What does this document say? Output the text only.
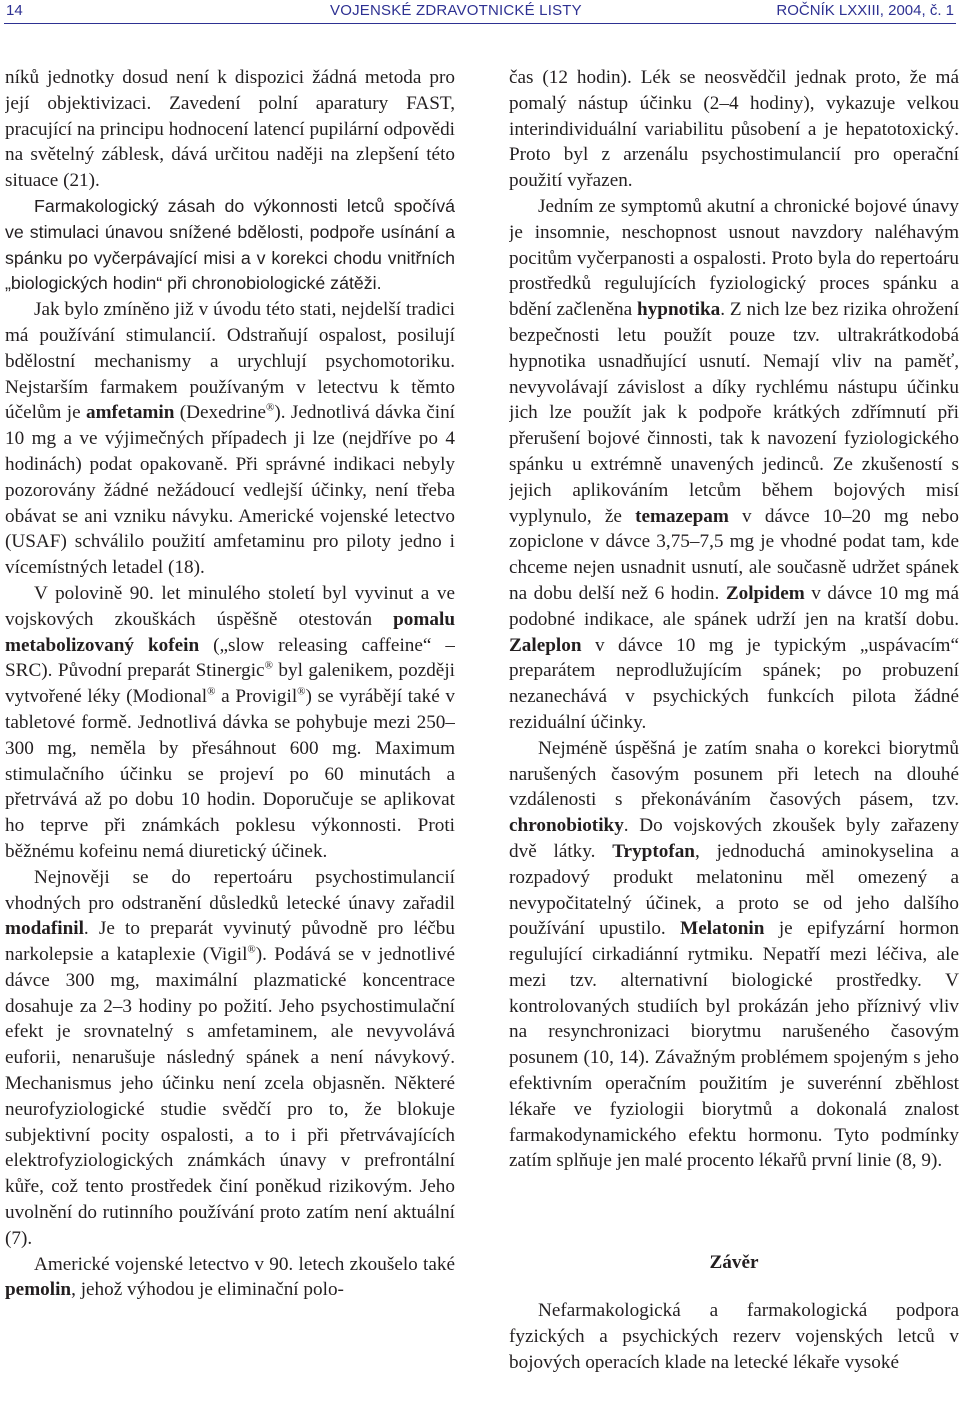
14	VOJENSKÉ ZDRAVOTNICKÉ LISTY	ROČNÍK LXXIII, 2004, č. 1

níků jednotky dosud není k dispozici žádná metoda pro její objektivizaci. Zavedení polní aparatury FAST, pracující na principu hodnocení latencí pupilární odpovědi na světelný záblesk, dává určitou naději na zlepšení této situace (21).

Farmakologický zásah do výkonnosti letců spočívá ve stimulaci únavou snížené bdělosti, podpoře usínání a spánku po vyčerpávající misi a v korekci chodu vnitřních „biologických hodin“ při chronobiologické zátěži.

Jak bylo zmíněno již v úvodu této stati, nejdelší tradici má používání stimulancií. Odstraňují ospalost, posilují bdělostní mechanismy a urychlují psychomotoriku. Nejstarším farmakem používaným v letectvu k těmto účelům je amfetamin (Dexedrine®). Jednotlivá dávka činí 10 mg a ve výjimečných případech ji lze (nejdříve po 4 hodinách) podat opakovaně. Při správné indikaci nebyly pozorovány žádné nežádoucí vedlejší účinky, není třeba obávat se ani vzniku návyku. Americké vojenské letectvo (USAF) schválilo použití amfetaminu pro piloty jedno i vícemístných letadel (18).

V polovině 90. let minulého století byl vyvinut a ve vojskových zkouškách úspěšně otestován pomalu metabolizovaný kofein („slow releasing caffeine“ – SRC). Původní preparát Stinergic® byl galenikem, později vytvořené léky (Modional® a Provigil®) se vyrábějí také v tabletové formě. Jednotlivá dávka se pohybuje mezi 250–300 mg, neměla by přesáhnout 600 mg. Maximum stimulačního účinku se projeví po 60 minutách a přetrvává až po dobu 10 hodin. Doporučuje se aplikovat ho teprve při známkách poklesu výkonnosti. Proti běžnému kofeinu nemá diuretický účinek.

Nejnověji se do repertoáru psychostimulancií vhodných pro odstranění důsledků letecké únavy zařadil modafinil. Je to preparát vyvinutý původně pro léčbu narkolepsie a kataplexie (Vigil®). Podává se v jednotlivé dávce 300 mg, maximální plazmatické koncentrace dosahuje za 2–3 hodiny po požití. Jeho psychostimulační efekt je srovnatelný s amfetaminem, ale nevyvolává euforii, nenarušuje následný spánek a není návykový. Mechanismus jeho účinku není zcela objasněn. Některé neurofyziologické studie svědčí pro to, že blokuje subjektivní pocity ospalosti, a to i při přetrvávajících elektrofyziologických známkách únavy v prefrontální kůře, což tento prostředek činí poněkud rizikovým. Jeho uvolnění do rutinního používání proto zatím není aktuální (7).

Americké vojenské letectvo v 90. letech zkoušelo také pemolin, jehož výhodou je eliminační polo-

čas (12 hodin). Lék se neosvědčil jednak proto, že má pomalý nástup účinku (2–4 hodiny), vykazuje velkou interindividuální variabilitu působení a je hepatotoxický. Proto byl z arzenálu psychostimulancií pro operační použití vyřazen.

Jedním ze symptomů akutní a chronické bojové únavy je insomnie, neschopnost usnout navzdory naléhavým pocitům vyčerpanosti a ospalosti. Proto byla do repertoáru prostředků regulujících fyziologický proces spánku a bdění začleněna hypnotika. Z nich lze bez rizika ohrožení bezpečnosti letu použít pouze tzv. ultrakrátkodobá hypnotika usnadňující usnutí. Nemají vliv na paměť, nevyvolávají závislost a díky rychlému nástupu účinku jich lze použít jak k podpoře krátkých zdřímnutí při přerušení bojové činnosti, tak k navození fyziologického spánku u extrémně unavených jedinců. Ze zkušeností s jejich aplikováním letcům během bojových misí vyplynulo, že temazepam v dávce 10–20 mg nebo zopiclone v dávce 3,75–7,5 mg je vhodné podat tam, kde chceme nejen usnadnit usnutí, ale současně udržet spánek na dobu delší než 6 hodin. Zolpidem v dávce 10 mg má podobné indikace, ale spánek udrží jen na kratší dobu. Zaleplon v dávce 10 mg je typickým „uspávacím“ preparátem neprodlužujícím spánek; po probuzení nezanechává v psychických funkcích pilota žádné reziduální účinky.

Nejméně úspěšná je zatím snaha o korekci biorytmů narušených časovým posunem při letech na dlouhé vzdálenosti s překonáváním časových pásem, tzv. chronobiotiky. Do vojskových zkoušek byly zařazeny dvě látky. Tryptofan, jednoduchá aminokyselina a rozpadový produkt melatoninu měl omezený a nevypočitatelný účinek, a proto se od jeho dalšího používání upustilo. Melatonin je epifyzární hormon regulující cirkadiánní rytmiku. Nepatří mezi léčiva, ale mezi tzv. alternativní biologické prostředky. V kontrolovaných studiích byl prokázán jeho příznivý vliv na resynchronizaci biorytmu narušeného časovým posunem (10, 14). Závažným problémem spojeným s jeho efektivním operačním použitím je suverénní zběhlost lékaře ve fyziologii biorytmů a dokonalá znalost farmakodynamického efektu hormonu. Tyto podmínky zatím splňuje jen malé procento lékařů první linie (8, 9).

Závěr

Nefarmakologická a farmakologická podpora fyzických a psychických rezerv vojenských letců v bojových operacích klade na letecké lékaře vysoké
